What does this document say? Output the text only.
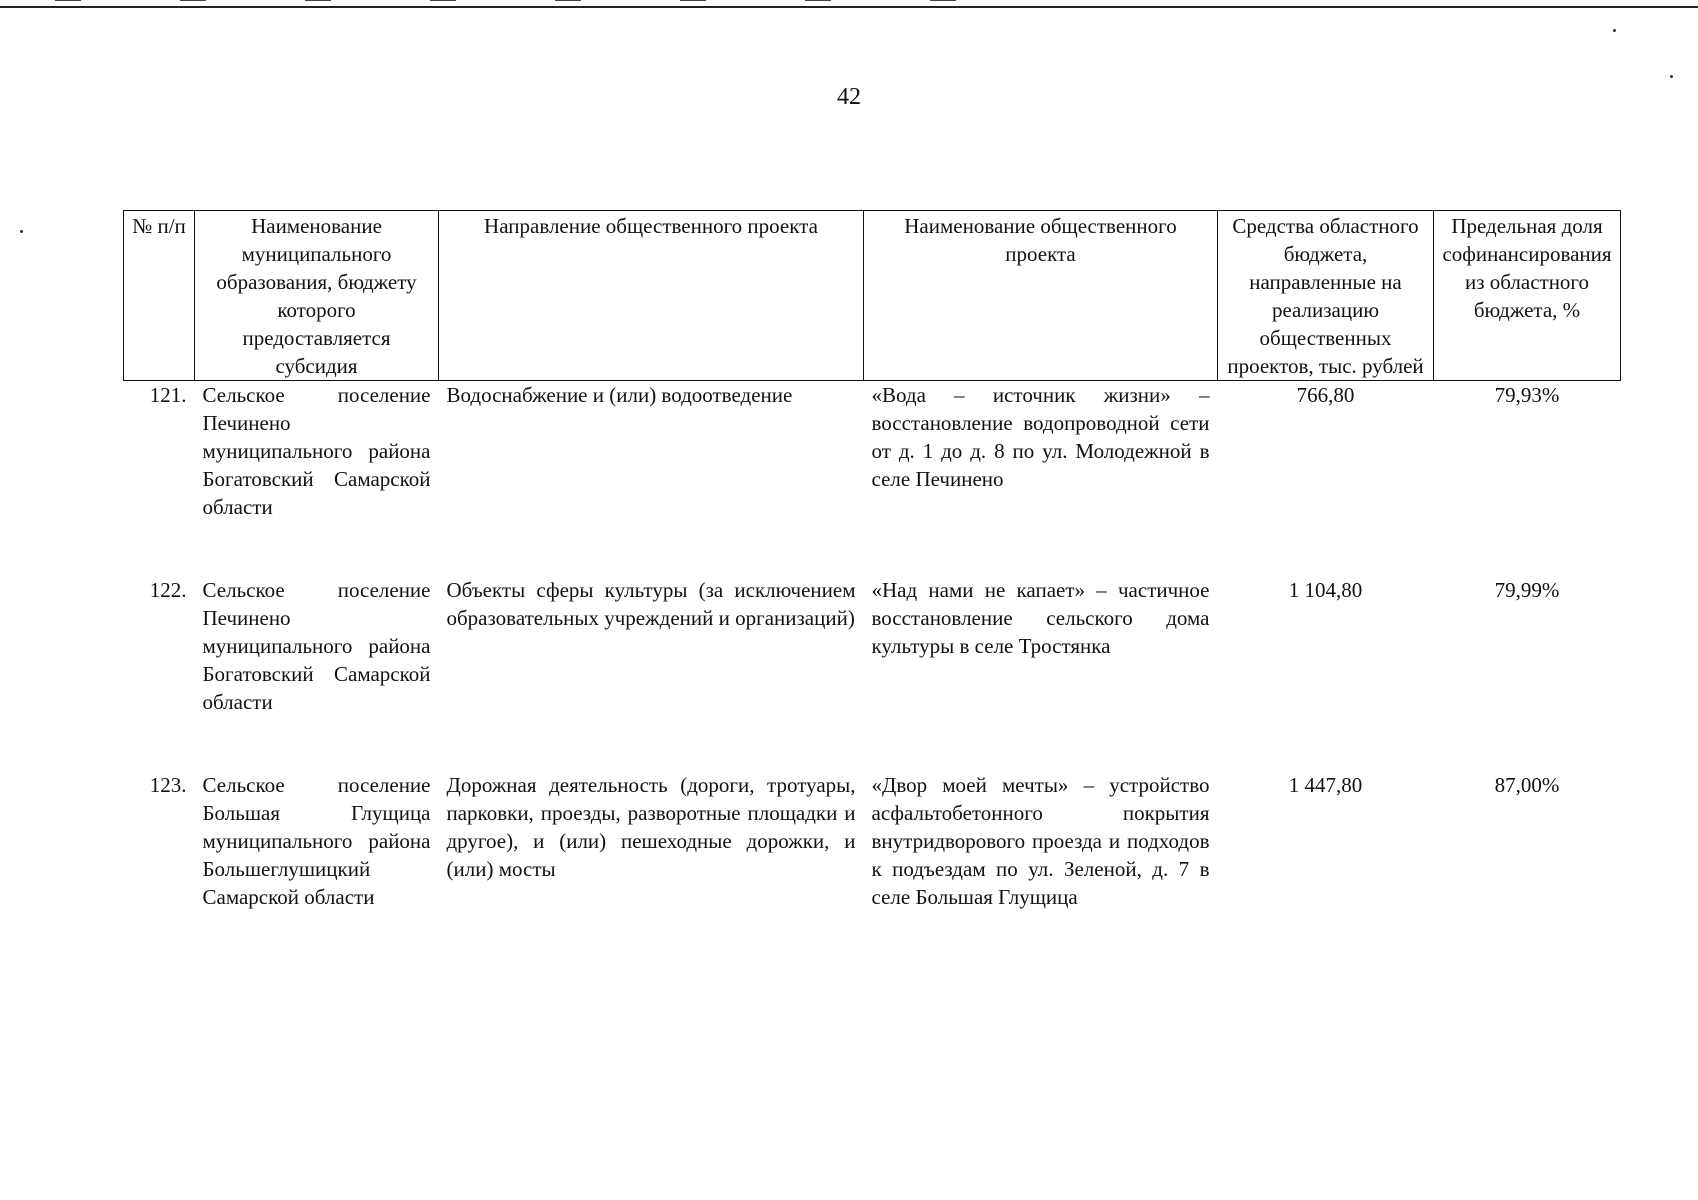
42
№ п/п	Наименование муниципального образования, бюджету которого предоставляется субсидия	Направление общественного проекта	Наименование общественного проекта	Средства областного бюджета, направленные на реализацию общественных проектов, тыс. рублей	Предельная доля софинансирования из областного бюджета, %
121.	Сельское поселение Печинено муниципального района Богатовский Самарской области	Водоснабжение и (или) водоотведение	«Вода – источник жизни» – восстановление водопроводной сети от д. 1 до д. 8 по ул. Молодежной в селе Печинено	766,80	79,93%
122.	Сельское поселение Печинено муниципального района Богатовский Самарской области	Объекты сферы культуры (за исключением образовательных учреждений и организаций)	«Над нами не капает» – частичное восстановление сельского дома культуры в селе Тростянка	1 104,80	79,99%
123.	Сельское поселение Большая Глущица муниципального района Большеглушицкий Самарской области	Дорожная деятельность (дороги, тротуары, парковки, проезды, разворотные площадки и другое), и (или) пешеходные дорожки, и (или) мосты	«Двор моей мечты» – устройство асфальтобетонного покрытия внутридворового проезда и подходов к подъездам по ул. Зеленой, д. 7 в селе Большая Глущица	1 447,80	87,00%
